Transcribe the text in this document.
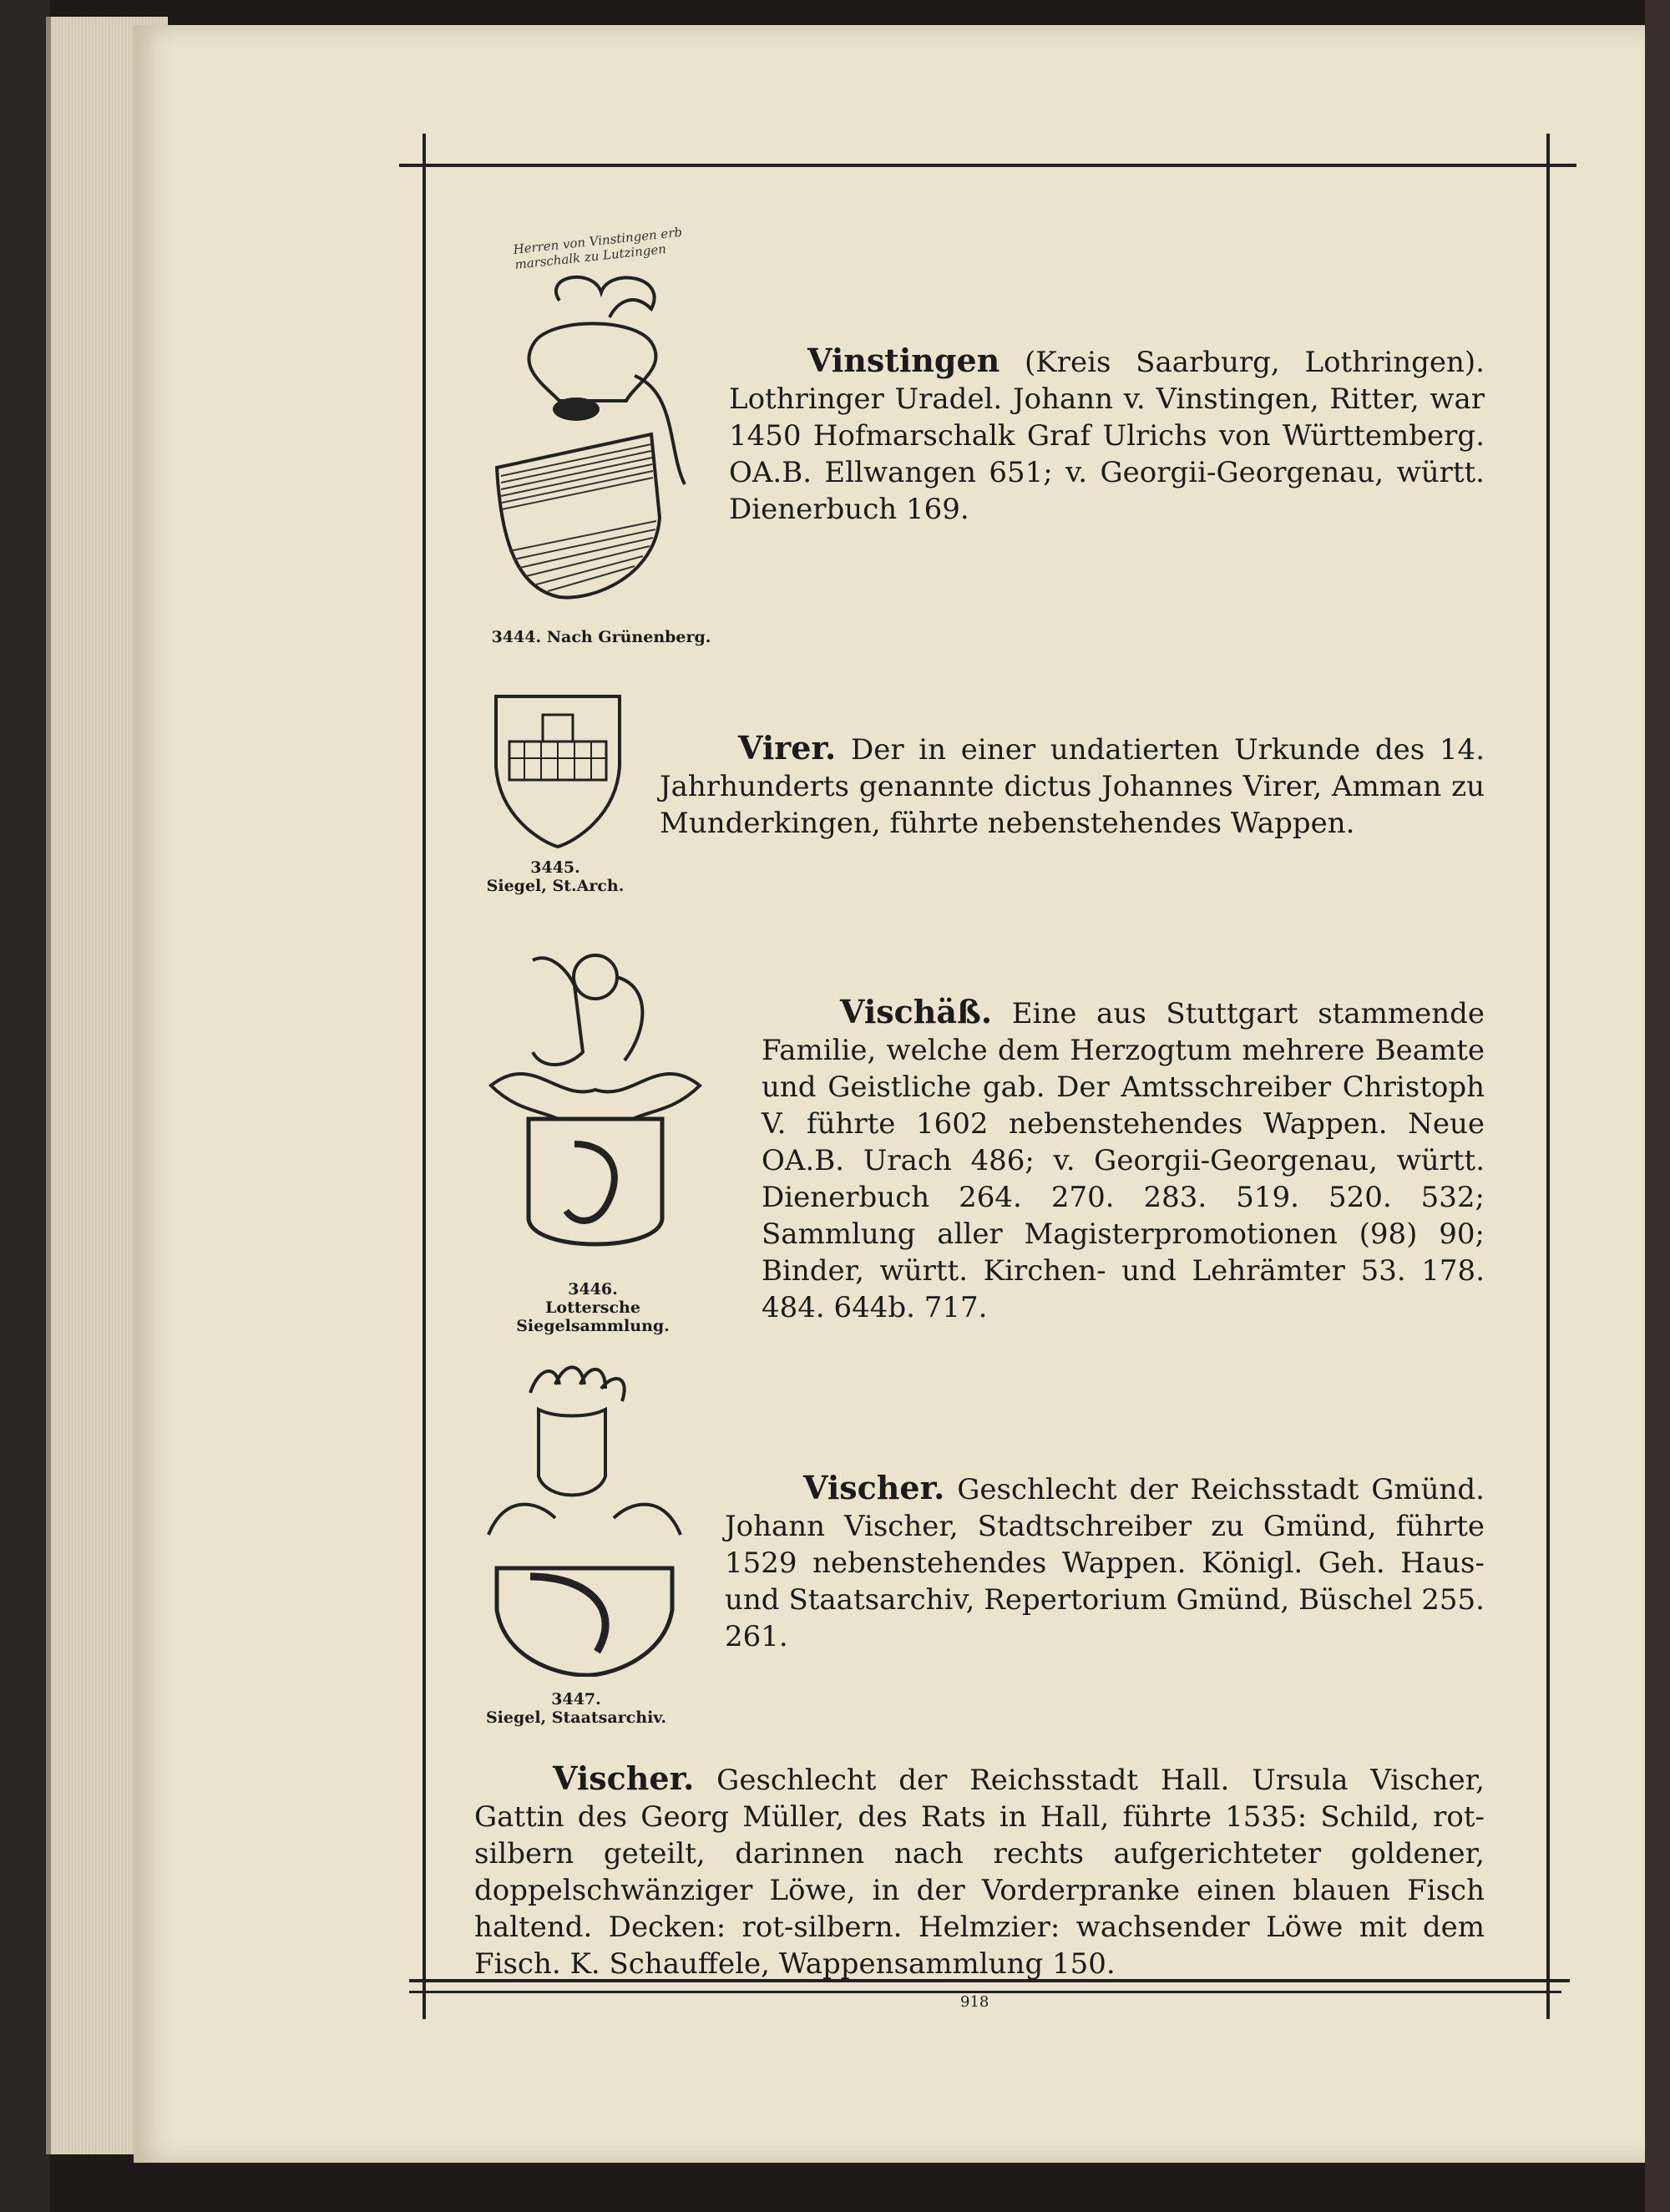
Herren von Vinstingen erb marschalk zu Lutzingen
3444. Nach Grünenberg.
Vinstingen (Kreis Saarburg, Lothringen). Lothringer Uradel. Johann v. Vinstingen, Ritter, war 1450 Hofmarschalk Graf Ulrichs von Württemberg. OA.B. Ellwangen 651; v. Georgii-Georgenau, württ. Dienerbuch 169.
3445.
Siegel, St.Arch.
Virer. Der in einer undatierten Urkunde des 14. Jahrhunderts genannte dictus Johannes Virer, Amman zu Munderkingen, führte nebenstehendes Wappen.
3446.
Lottersche Siegelsammlung.
Vischäß. Eine aus Stuttgart stammende Familie, welche dem Herzogtum mehrere Beamte und Geistliche gab. Der Amtsschreiber Christoph V. führte 1602 nebenstehendes Wappen. Neue OA.B. Urach 486; v. Georgii-Georgenau, württ. Dienerbuch 264. 270. 283. 519. 520. 532; Sammlung aller Magisterpromotionen (98) 90; Binder, württ. Kirchen- und Lehrämter 53. 178. 484. 644b. 717.
3447.
Siegel, Staatsarchiv.
Vischer. Geschlecht der Reichsstadt Gmünd. Johann Vischer, Stadtschreiber zu Gmünd, führte 1529 nebenstehendes Wappen. Königl. Geh. Haus- und Staatsarchiv, Repertorium Gmünd, Büschel 255. 261.
Vischer. Geschlecht der Reichsstadt Hall. Ursula Vischer, Gattin des Georg Müller, des Rats in Hall, führte 1535: Schild, rot-silbern geteilt, darinnen nach rechts aufgerichteter goldener, doppelschwänziger Löwe, in der Vorderpranke einen blauen Fisch haltend. Decken: rot-silbern. Helmzier: wachsender Löwe mit dem Fisch. K. Schauffele, Wappensammlung 150.
918
